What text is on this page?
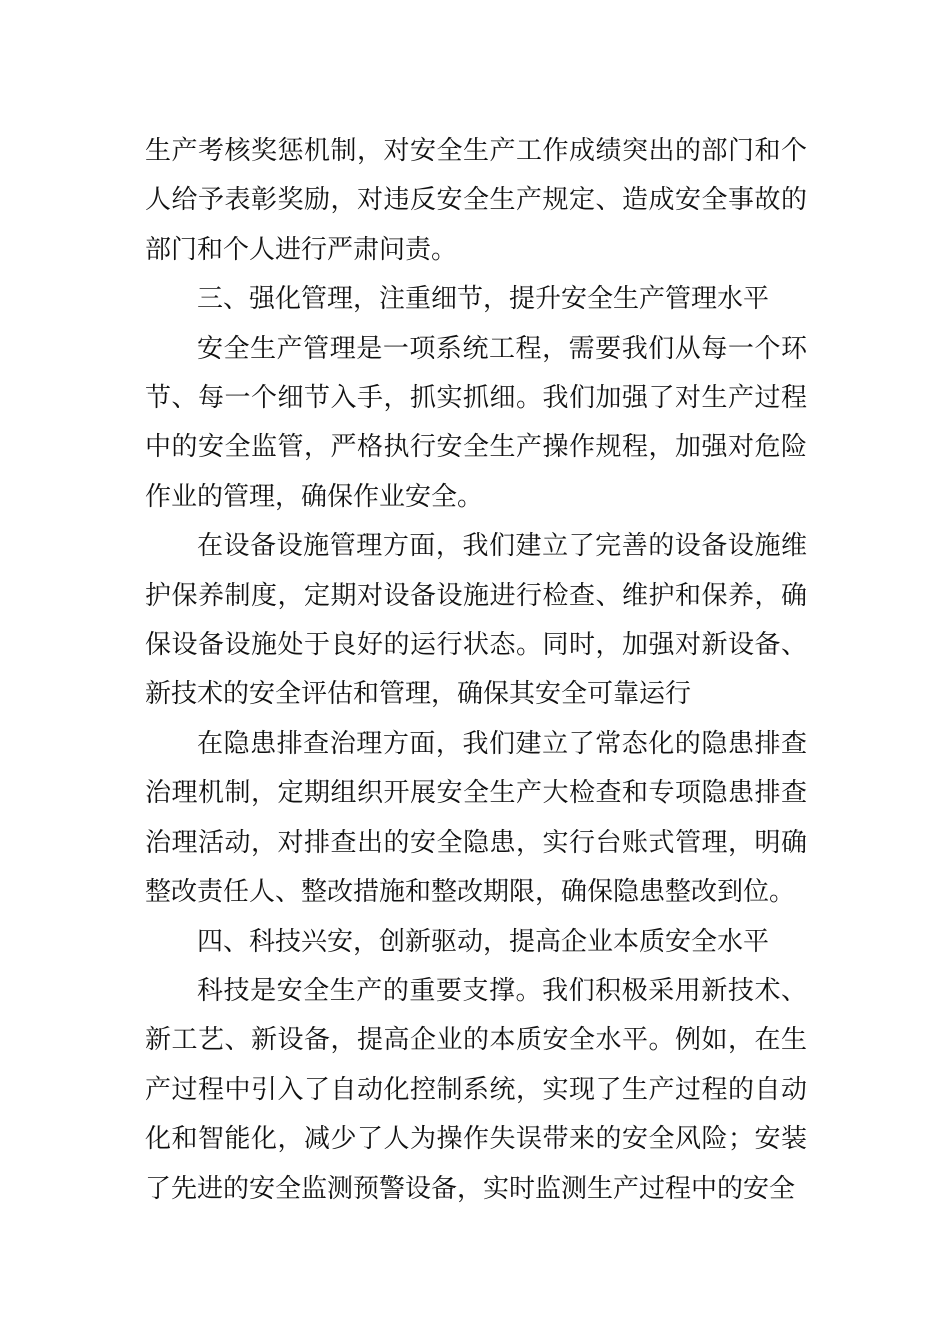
生产考核奖惩机制，对安全生产工作成绩突出的部门和个人给予表彰奖励，对违反安全生产规定、造成安全事故的部门和个人进行严肃问责。

三、强化管理，注重细节，提升安全生产管理水平

安全生产管理是一项系统工程，需要我们从每一个环节、每一个细节入手，抓实抓细。我们加强了对生产过程中的安全监管，严格执行安全生产操作规程，加强对危险作业的管理，确保作业安全。

在设备设施管理方面，我们建立了完善的设备设施维护保养制度，定期对设备设施进行检查、维护和保养，确保设备设施处于良好的运行状态。同时，加强对新设备、新技术的安全评估和管理，确保其安全可靠运行

在隐患排查治理方面，我们建立了常态化的隐患排查治理机制，定期组织开展安全生产大检查和专项隐患排查治理活动，对排查出的安全隐患，实行台账式管理，明确整改责任人、整改措施和整改期限，确保隐患整改到位。

四、科技兴安，创新驱动，提高企业本质安全水平

科技是安全生产的重要支撑。我们积极采用新技术、新工艺、新设备，提高企业的本质安全水平。例如，在生产过程中引入了自动化控制系统，实现了生产过程的自动化和智能化，减少了人为操作失误带来的安全风险；安装了先进的安全监测预警设备，实时监测生产过程中的安全
